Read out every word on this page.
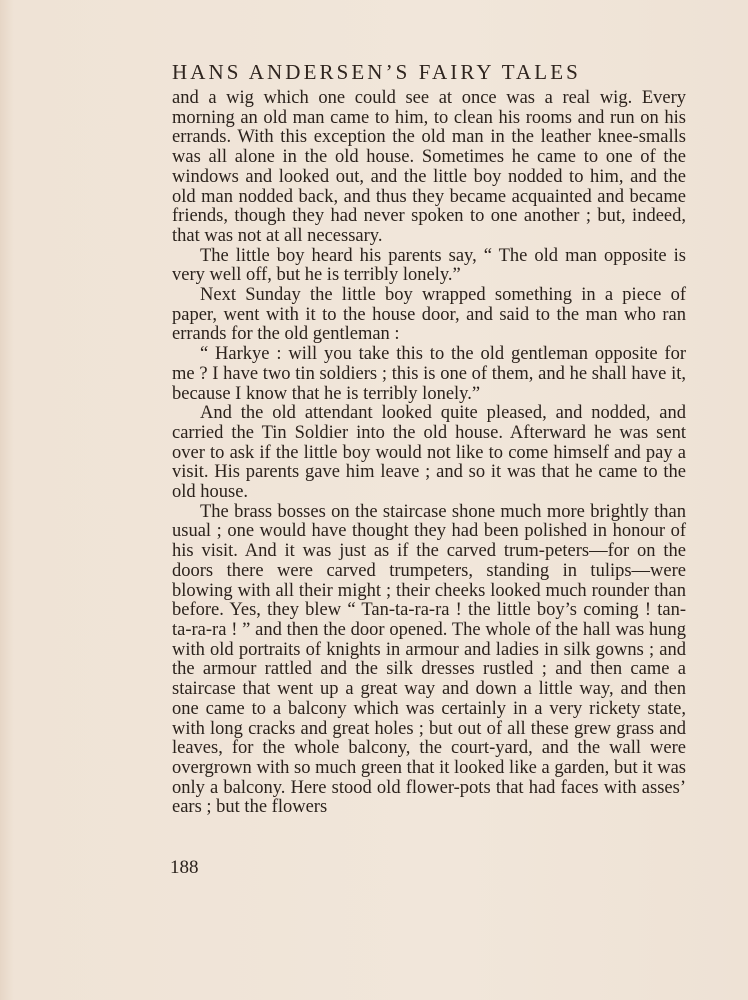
HANS ANDERSEN’S FAIRY TALES

and a wig which one could see at once was a real wig. Every morning an old man came to him, to clean his rooms and run on his errands. With this exception the old man in the leather knee-smalls was all alone in the old house. Sometimes he came to one of the windows and looked out, and the little boy nodded to him, and the old man nodded back, and thus they became acquainted and became friends, though they had never spoken to one another ; but, indeed, that was not at all necessary.

The little boy heard his parents say, “ The old man opposite is very well off, but he is terribly lonely.”

Next Sunday the little boy wrapped something in a piece of paper, went with it to the house door, and said to the man who ran errands for the old gentleman :

“ Harkye : will you take this to the old gentleman opposite for me ? I have two tin soldiers ; this is one of them, and he shall have it, because I know that he is terribly lonely.”

And the old attendant looked quite pleased, and nodded, and carried the Tin Soldier into the old house. Afterward he was sent over to ask if the little boy would not like to come himself and pay a visit. His parents gave him leave ; and so it was that he came to the old house.

The brass bosses on the staircase shone much more brightly than usual ; one would have thought they had been polished in honour of his visit. And it was just as if the carved trum-peters—for on the doors there were carved trumpeters, standing in tulips—were blowing with all their might ; their cheeks looked much rounder than before. Yes, they blew “ Tan-ta-ra-ra ! the little boy’s coming ! tan-ta-ra-ra ! ” and then the door opened. The whole of the hall was hung with old portraits of knights in armour and ladies in silk gowns ; and the armour rattled and the silk dresses rustled ; and then came a staircase that went up a great way and down a little way, and then one came to a balcony which was certainly in a very rickety state, with long cracks and great holes ; but out of all these grew grass and leaves, for the whole balcony, the court-yard, and the wall were overgrown with so much green that it looked like a garden, but it was only a balcony. Here stood old flower-pots that had faces with asses’ ears ; but the flowers

188
